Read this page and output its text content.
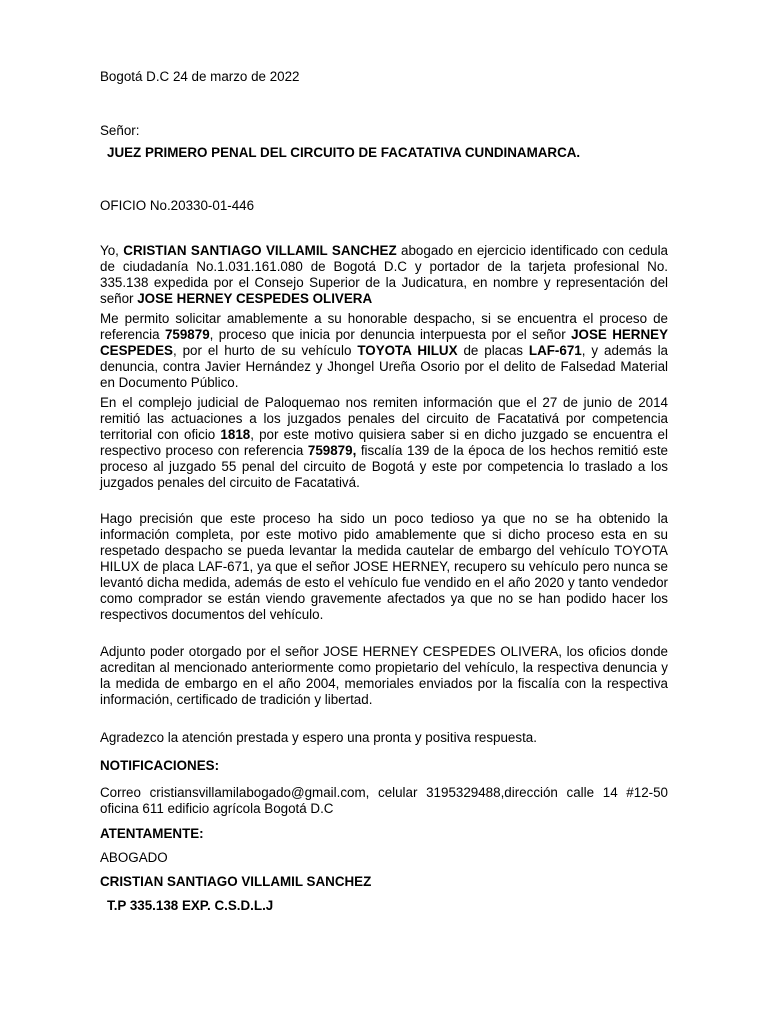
Bogotá D.C 24 de marzo de 2022
Señor:
JUEZ PRIMERO PENAL DEL CIRCUITO DE FACATATIVA CUNDINAMARCA.
OFICIO No.20330-01-446
Yo, CRISTIAN SANTIAGO VILLAMIL SANCHEZ abogado en ejercicio identificado con cedula de ciudadanía No.1.031.161.080 de Bogotá D.C y portador de la tarjeta profesional No. 335.138 expedida por el Consejo Superior de la Judicatura, en nombre y representación del señor JOSE HERNEY CESPEDES OLIVERA
Me permito solicitar amablemente a su honorable despacho, si se encuentra el proceso de referencia 759879, proceso que inicia por denuncia interpuesta por el señor JOSE HERNEY CESPEDES, por el hurto de su vehículo TOYOTA HILUX de placas LAF-671, y además la denuncia, contra Javier Hernández y Jhongel Ureña Osorio por el delito de Falsedad Material en Documento Público.
En el complejo judicial de Paloquemao nos remiten información que el 27 de junio de 2014 remitió las actuaciones a los juzgados penales del circuito de Facatativá por competencia territorial con oficio 1818, por este motivo quisiera saber si en dicho juzgado se encuentra el respectivo proceso con referencia 759879, fiscalía 139 de la época de los hechos remitió este proceso al juzgado 55 penal del circuito de Bogotá y este por competencia lo traslado a los juzgados penales del circuito de Facatativá.
Hago precisión que este proceso ha sido un poco tedioso ya que no se ha obtenido la información completa, por este motivo pido amablemente que si dicho proceso esta en su respetado despacho se pueda levantar la medida cautelar de embargo del vehículo TOYOTA HILUX de placa LAF-671, ya que el señor JOSE HERNEY, recupero su vehículo pero nunca se levantó dicha medida, además de esto el vehículo fue vendido en el año 2020 y tanto vendedor como comprador se están viendo gravemente afectados ya que no se han podido hacer los respectivos documentos del vehículo.
Adjunto poder otorgado por el señor JOSE HERNEY CESPEDES OLIVERA, los oficios donde acreditan al mencionado anteriormente como propietario del vehículo, la respectiva denuncia y la medida de embargo en el año 2004, memoriales enviados por la fiscalía con la respectiva información, certificado de tradición y libertad.
Agradezco la atención prestada y espero una pronta y positiva respuesta.
NOTIFICACIONES:
Correo cristiansvillamilabogado@gmail.com, celular 3195329488,dirección calle 14 #12-50 oficina 611 edificio agrícola Bogotá D.C
ATENTAMENTE:
ABOGADO
CRISTIAN SANTIAGO VILLAMIL SANCHEZ
T.P 335.138 EXP. C.S.D.L.J
